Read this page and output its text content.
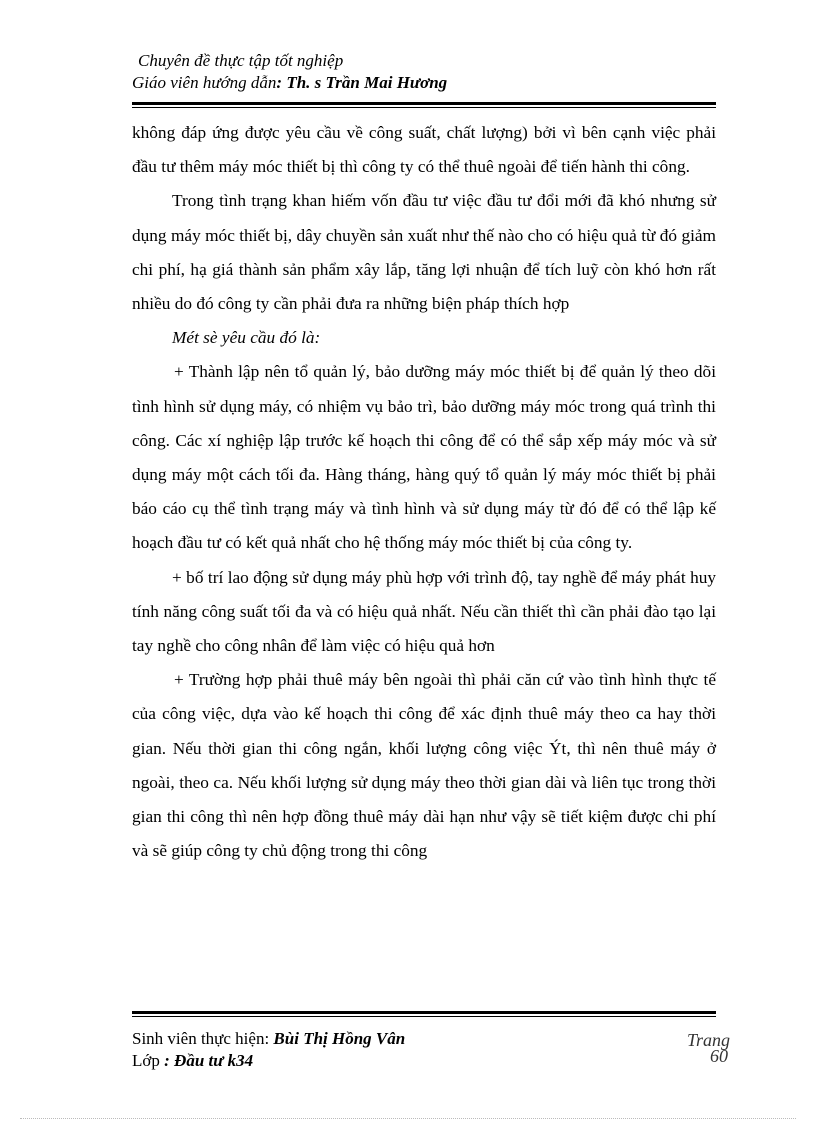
Chuyên đề thực tập tốt nghiệp
Giáo viên hướng dẫn: Th. s Trần Mai Hương

không đáp ứng được yêu cầu về công suất, chất lượng) bởi vì bên cạnh việc phải đầu tư thêm máy móc thiết bị thì công ty có thể thuê ngoài để tiến hành thi công.

Trong tình trạng khan hiếm vốn đầu tư việc đầu tư đổi mới đã khó nhưng sử dụng máy móc thiết bị, dây chuyền sản xuất như thế nào cho có hiệu quả từ đó giảm chi phí, hạ giá thành sản phẩm xây lắp, tăng lợi nhuận để tích luỹ còn khó hơn rất nhiều do đó công ty cần phải đưa ra những biện pháp thích hợp

Mét sè yêu cầu đó là:

+ Thành lập nên tổ quản lý, bảo dưỡng máy móc thiết bị để quản lý theo dõi tình hình sử dụng máy, có nhiệm vụ bảo trì, bảo dưỡng máy móc trong quá trình thi công. Các xí nghiệp lập trước kế hoạch thi công để có thể sắp xếp máy móc và sử dụng máy một cách tối đa. Hàng tháng, hàng quý tổ quản lý máy móc thiết bị phải báo cáo cụ thể tình trạng máy và tình hình và sử dụng máy từ đó để có thể lập kế hoạch đầu tư có kết quả nhất cho hệ thống máy móc thiết bị của công ty.

+ bố trí lao động sử dụng máy phù hợp với trình độ, tay nghề để máy phát huy tính năng công suất tối đa và có hiệu quả nhất. Nếu cần thiết thì cần phải đào tạo lại tay nghề cho công nhân để làm việc có hiệu quả hơn

+ Trường hợp phải thuê máy bên ngoài thì phải căn cứ vào tình hình thực tế của công việc, dựa vào kế hoạch thi công để xác định thuê máy theo ca hay thời gian. Nếu thời gian thi công ngắn, khối lượng công việc Ýt, thì nên thuê máy ở ngoài, theo ca. Nếu khối lượng sử dụng máy theo thời gian dài và liên tục trong thời gian thi công thì nên hợp đồng thuê máy dài hạn như vậy sẽ tiết kiệm được chi phí và sẽ giúp công ty chủ động trong thi công

Sinh viên thực hiện: Bùi Thị Hồng Vân
Lớp : Đầu tư k34
Trang
60
